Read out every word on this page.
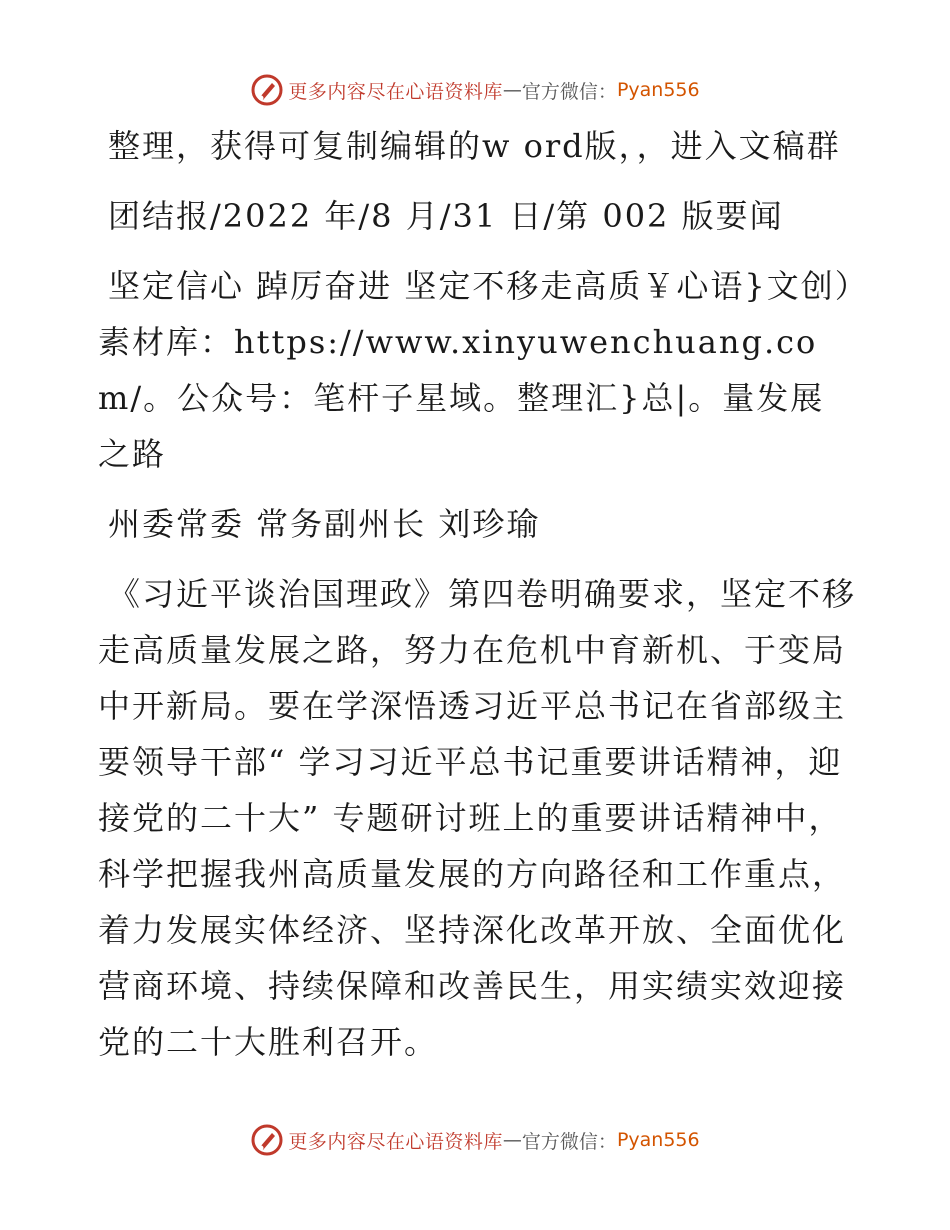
更多内容尽在心语资料库 — 官方微信： Pyan556

整理，获得可复制编辑的w ord版，，进入文稿群

团结报/2022 年/8 月/31 日/第 002 版要闻

坚定信心 踔厉奋进 坚定不移走高质￥心语}文创）素材库：https://www.xinyuwenchuang.com/。公众号：笔杆子星域。整理汇}总|。量发展之路

州委常委 常务副州长 刘珍瑜

《习近平谈治国理政》第四卷明确要求，坚定不移走高质量发展之路，努力在危机中育新机、于变局中开新局。要在学深悟透习近平总书记在省部级主要领导干部“ 学习习近平总书记重要讲话精神，迎接党的二十大” 专题研讨班上的重要讲话精神中，科学把握我州高质量发展的方向路径和工作重点，着力发展实体经济、坚持深化改革开放、全面优化营商环境、持续保障和改善民生，用实绩实效迎接党的二十大胜利召开。

更多内容尽在心语资料库 — 官方微信： Pyan556
